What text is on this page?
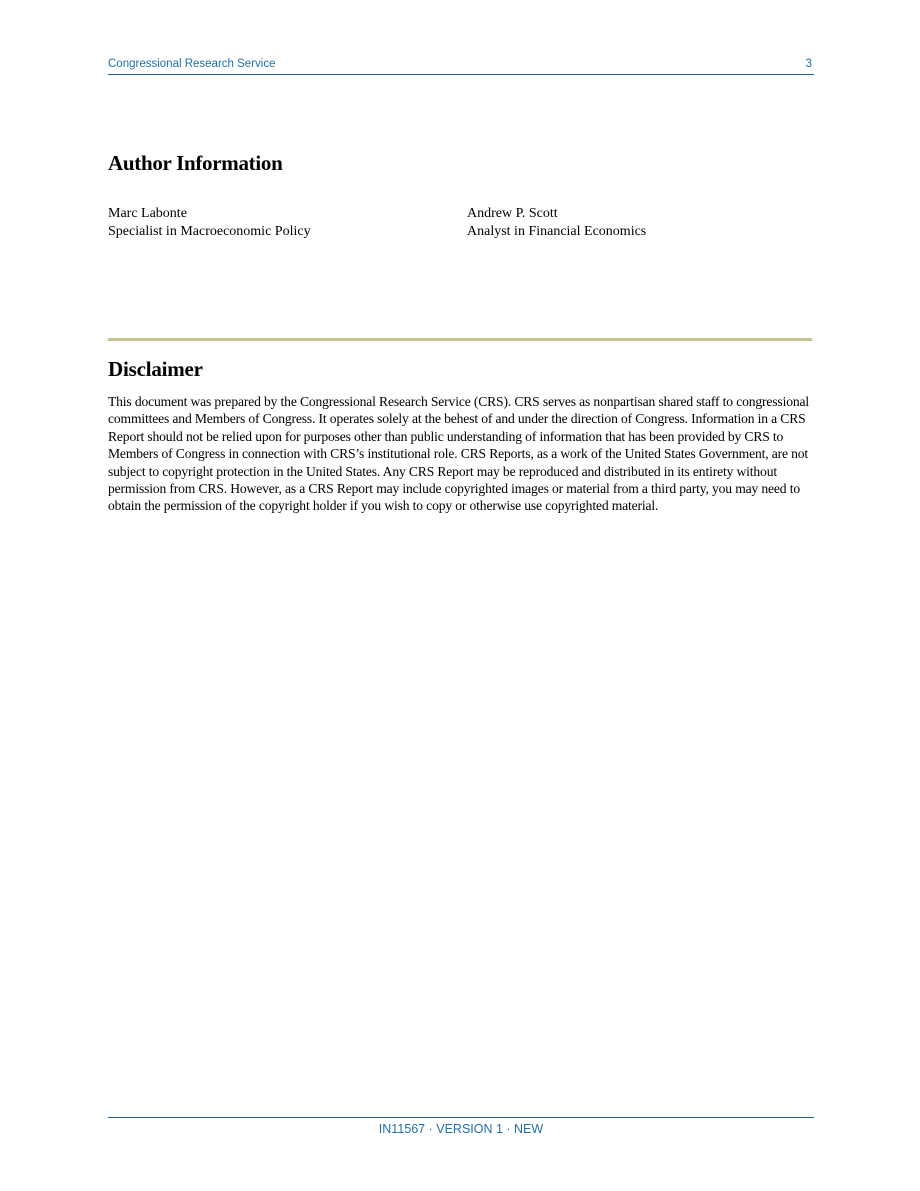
Congressional Research Service	3
Author Information
Marc Labonte
Specialist in Macroeconomic Policy
Andrew P. Scott
Analyst in Financial Economics
Disclaimer

This document was prepared by the Congressional Research Service (CRS). CRS serves as nonpartisan shared staff to congressional committees and Members of Congress. It operates solely at the behest of and under the direction of Congress. Information in a CRS Report should not be relied upon for purposes other than public understanding of information that has been provided by CRS to Members of Congress in connection with CRS’s institutional role. CRS Reports, as a work of the United States Government, are not subject to copyright protection in the United States. Any CRS Report may be reproduced and distributed in its entirety without permission from CRS. However, as a CRS Report may include copyrighted images or material from a third party, you may need to obtain the permission of the copyright holder if you wish to copy or otherwise use copyrighted material.

IN11567 · VERSION 1 · NEW
